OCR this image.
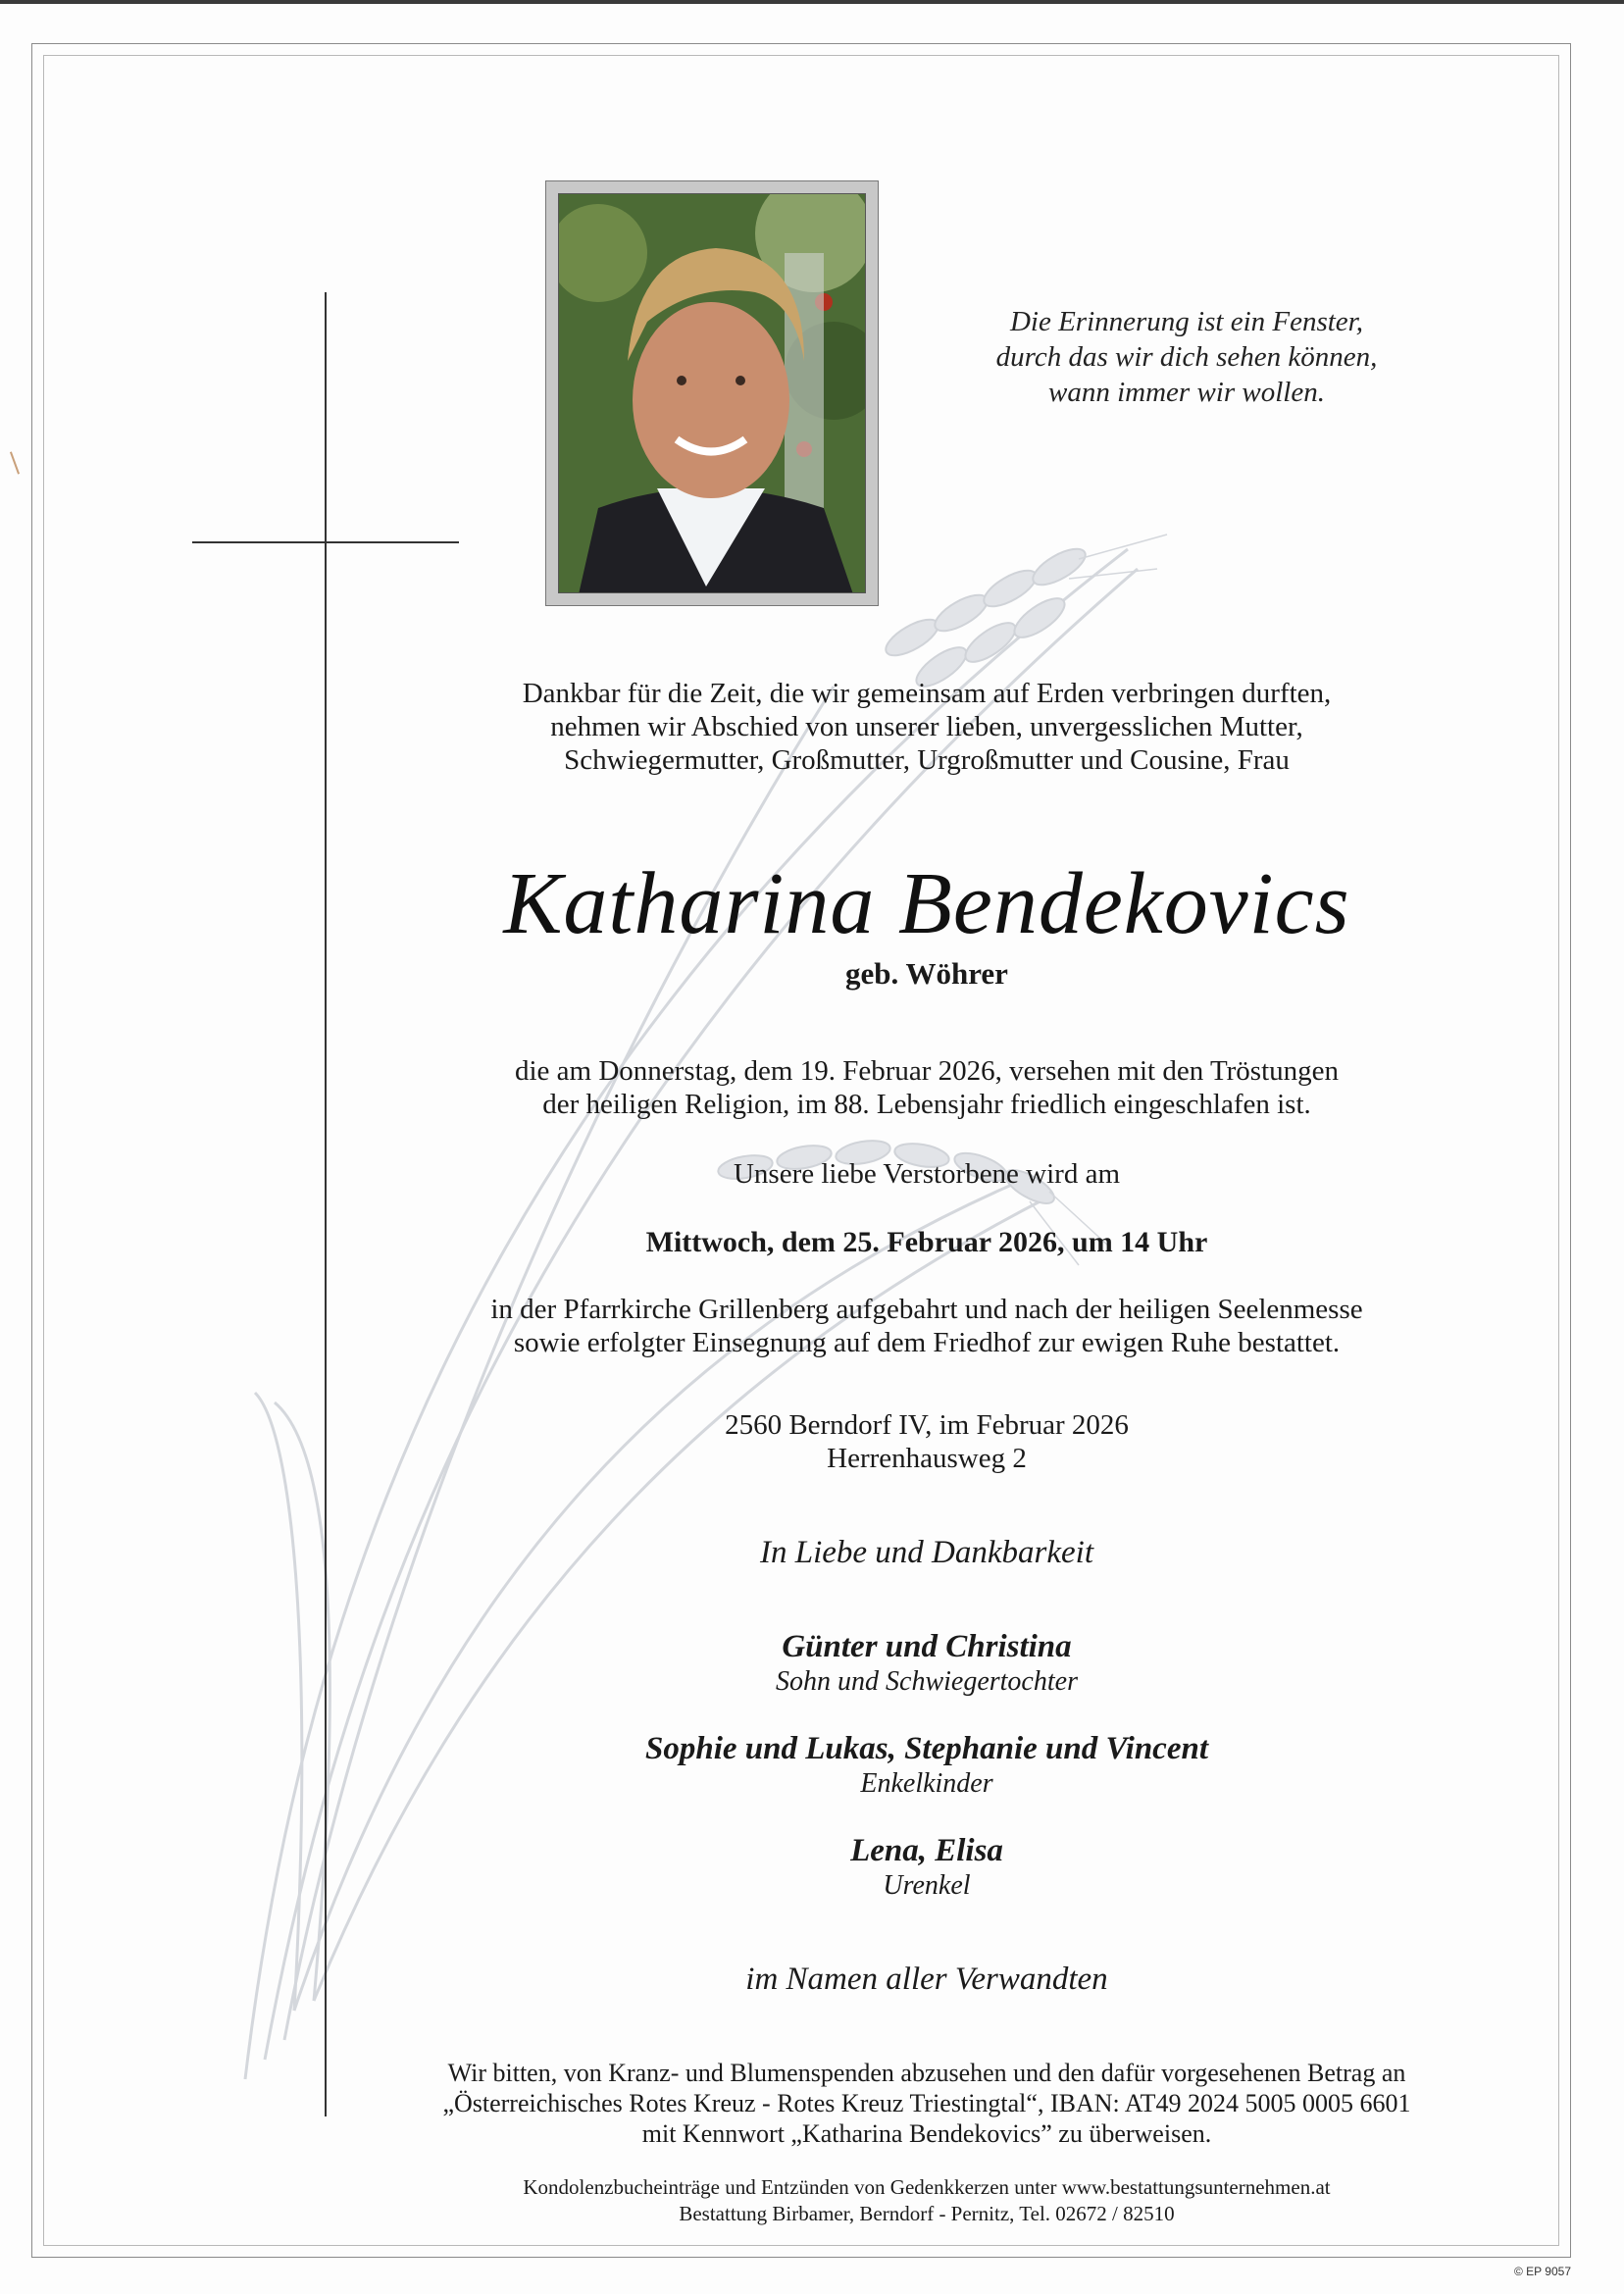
Die Erinnerung ist ein Fenster,
durch das wir dich sehen können,
wann immer wir wollen.
Dankbar für die Zeit, die wir gemeinsam auf Erden verbringen durften,
nehmen wir Abschied von unserer lieben, unvergesslichen Mutter,
Schwiegermutter, Großmutter, Urgroßmutter und Cousine, Frau
Katharina Bendekovics
geb. Wöhrer
die am Donnerstag, dem 19. Februar 2026, versehen mit den Tröstungen
der heiligen Religion, im 88. Lebensjahr friedlich eingeschlafen ist.
Unsere liebe Verstorbene wird am
Mittwoch, dem 25. Februar 2026, um 14 Uhr
in der Pfarrkirche Grillenberg aufgebahrt und nach der heiligen Seelenmesse
sowie erfolgter Einsegnung auf dem Friedhof zur ewigen Ruhe bestattet.
2560 Berndorf IV, im Februar 2026
Herrenhausweg 2
In Liebe und Dankbarkeit
Günter und Christina
Sohn und Schwiegertochter
Sophie und Lukas, Stephanie und Vincent
Enkelkinder
Lena, Elisa
Urenkel
im Namen aller Verwandten
Wir bitten, von Kranz- und Blumenspenden abzusehen und den dafür vorgesehenen Betrag an
„Österreichisches Rotes Kreuz - Rotes Kreuz Triestingtal“, IBAN: AT49 2024 5005 0005 6601
mit Kennwort „Katharina Bendekovics” zu überweisen.
Kondolenzbucheinträge und Entzünden von Gedenkkerzen unter www.bestattungsunternehmen.at
Bestattung Birbamer, Berndorf - Pernitz, Tel. 02672 / 82510
© EP 9057
